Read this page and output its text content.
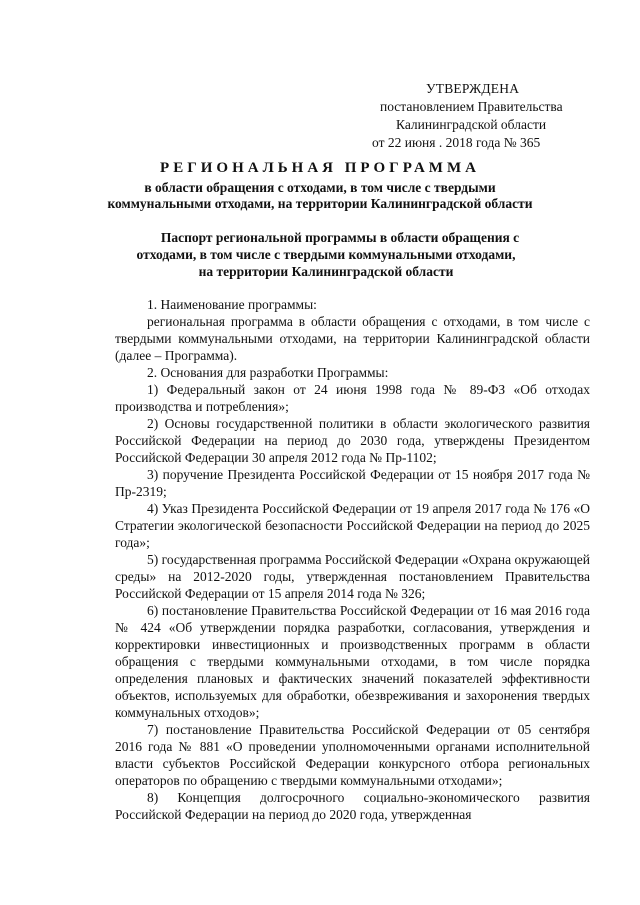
УТВЕРЖДЕНА
постановлением Правительства
Калининградской области
от 22 июня . 2018 года № 365
РЕГИОНАЛЬНАЯ ПРОГРАММА
в области обращения с отходами, в том числе с твердыми
коммунальными отходами, на территории Калининградской области
Паспорт региональной программы в области обращения с
отходами, в том числе с твердыми коммунальными отходами,
на территории Калининградской области

1. Наименование программы:

региональная программа в области обращения с отходами, в том числе с твердыми коммунальными отходами, на территории Калининградской области (далее – Программа).

2. Основания для разработки Программы:

1) Федеральный закон от 24 июня 1998 года № 89-ФЗ «Об отходах производства и потребления»;

2) Основы государственной политики в области экологического развития Российской Федерации на период до 2030 года, утверждены Президентом Российской Федерации 30 апреля 2012 года № Пр-1102;

3) поручение Президента Российской Федерации от 15 ноября 2017 года № Пр-2319;

4) Указ Президента Российской Федерации от 19 апреля 2017 года № 176 «О Стратегии экологической безопасности Российской Федерации на период до 2025 года»;

5) государственная программа Российской Федерации «Охрана окружающей среды» на 2012-2020 годы, утвержденная постановлением Правительства Российской Федерации от 15 апреля 2014 года № 326;

6) постановление Правительства Российской Федерации от 16 мая 2016 года № 424 «Об утверждении порядка разработки, согласования, утверждения и корректировки инвестиционных и производственных программ в области обращения с твердыми коммунальными отходами, в том числе порядка определения плановых и фактических значений показателей эффективности объектов, используемых для обработки, обезвреживания и захоронения твердых коммунальных отходов»;

7) постановление Правительства Российской Федерации от 05 сентября 2016 года № 881 «О проведении уполномоченными органами исполнительной власти субъектов Российской Федерации конкурсного отбора региональных операторов по обращению с твердыми коммунальными отходами»;

8) Концепция долгосрочного социально-экономического развития Российской Федерации на период до 2020 года, утвержденная
